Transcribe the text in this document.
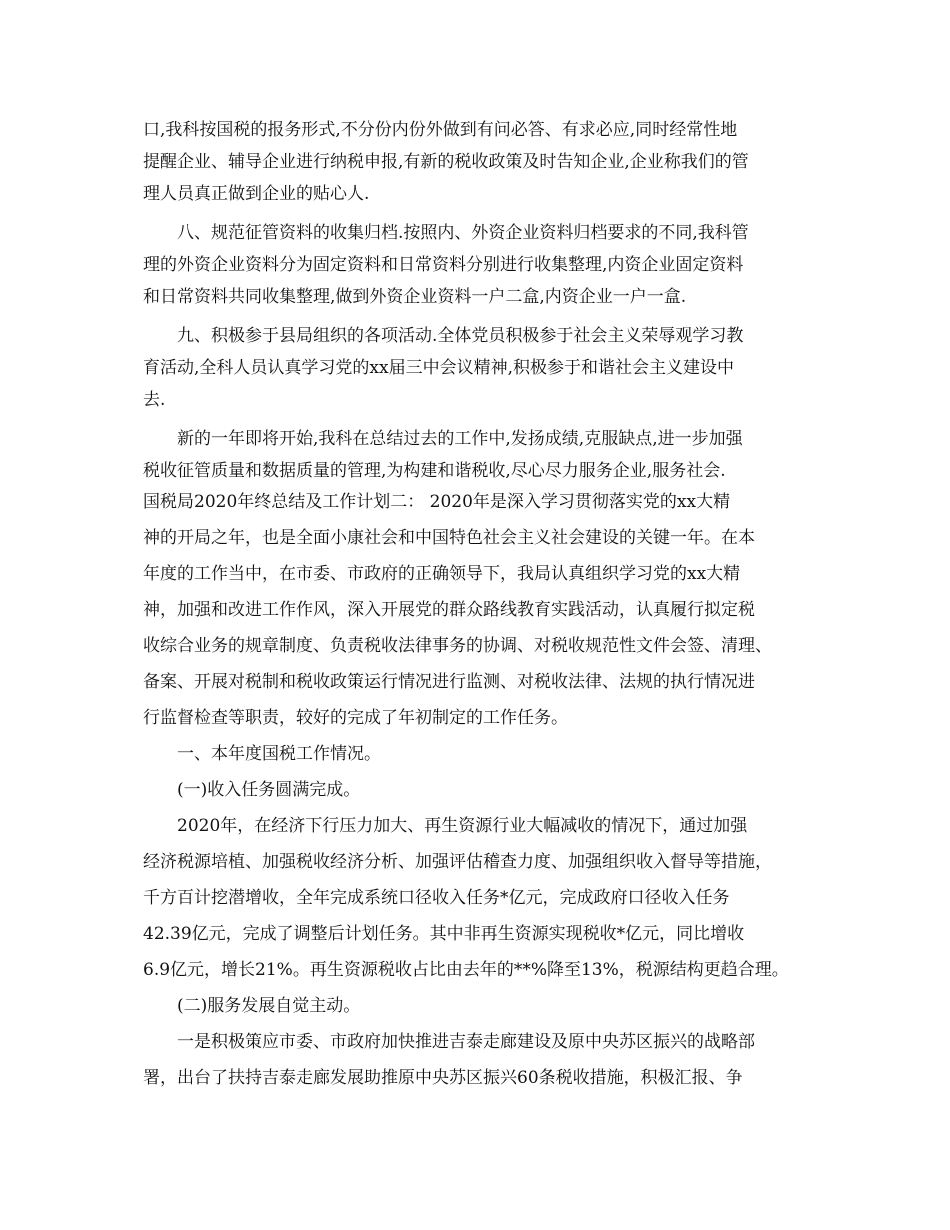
口,我科按国税的报务形式,不分份内份外做到有问必答、有求必应,同时经常性地
提醒企业、辅导企业进行纳税申报,有新的税收政策及时告知企业,企业称我们的管
理人员真正做到企业的贴心人.
八、规范征管资料的收集归档.按照内、外资企业资料归档要求的不同,我科管
理的外资企业资料分为固定资料和日常资料分别进行收集整理,内资企业固定资料
和日常资料共同收集整理,做到外资企业资料一户二盒,内资企业一户一盒.
九、积极参于县局组织的各项活动.全体党员积极参于社会主义荣辱观学习教
育活动,全科人员认真学习党的xx届三中会议精神,积极参于和谐社会主义建设中
去.
新的一年即将开始,我科在总结过去的工作中,发扬成绩,克服缺点,进一步加强
税收征管质量和数据质量的管理,为构建和谐税收,尽心尽力服务企业,服务社会.
国税局2020年终总结及工作计划二： 2020年是深入学习贯彻落实党的xx大精
神的开局之年，也是全面小康社会和中国特色社会主义社会建设的关键一年。在本
年度的工作当中，在市委、市政府的正确领导下，我局认真组织学习党的xx大精
神，加强和改进工作作风，深入开展党的群众路线教育实践活动，认真履行拟定税
收综合业务的规章制度、负责税收法律事务的协调、对税收规范性文件会签、清理、
备案、开展对税制和税收政策运行情况进行监测、对税收法律、法规的执行情况进
行监督检查等职责，较好的完成了年初制定的工作任务。
一、本年度国税工作情况。
(一)收入任务圆满完成。
2020年，在经济下行压力加大、再生资源行业大幅减收的情况下，通过加强
经济税源培植、加强税收经济分析、加强评估稽查力度、加强组织收入督导等措施，
千方百计挖潜增收，全年完成系统口径收入任务*亿元，完成政府口径收入任务
42.39亿元，完成了调整后计划任务。其中非再生资源实现税收*亿元，同比增收
6.9亿元，增长21%。再生资源税收占比由去年的**%降至13%，税源结构更趋合理。
(二)服务发展自觉主动。
一是积极策应市委、市政府加快推进吉泰走廊建设及原中央苏区振兴的战略部
署，出台了扶持吉泰走廊发展助推原中央苏区振兴60条税收措施，积极汇报、争
